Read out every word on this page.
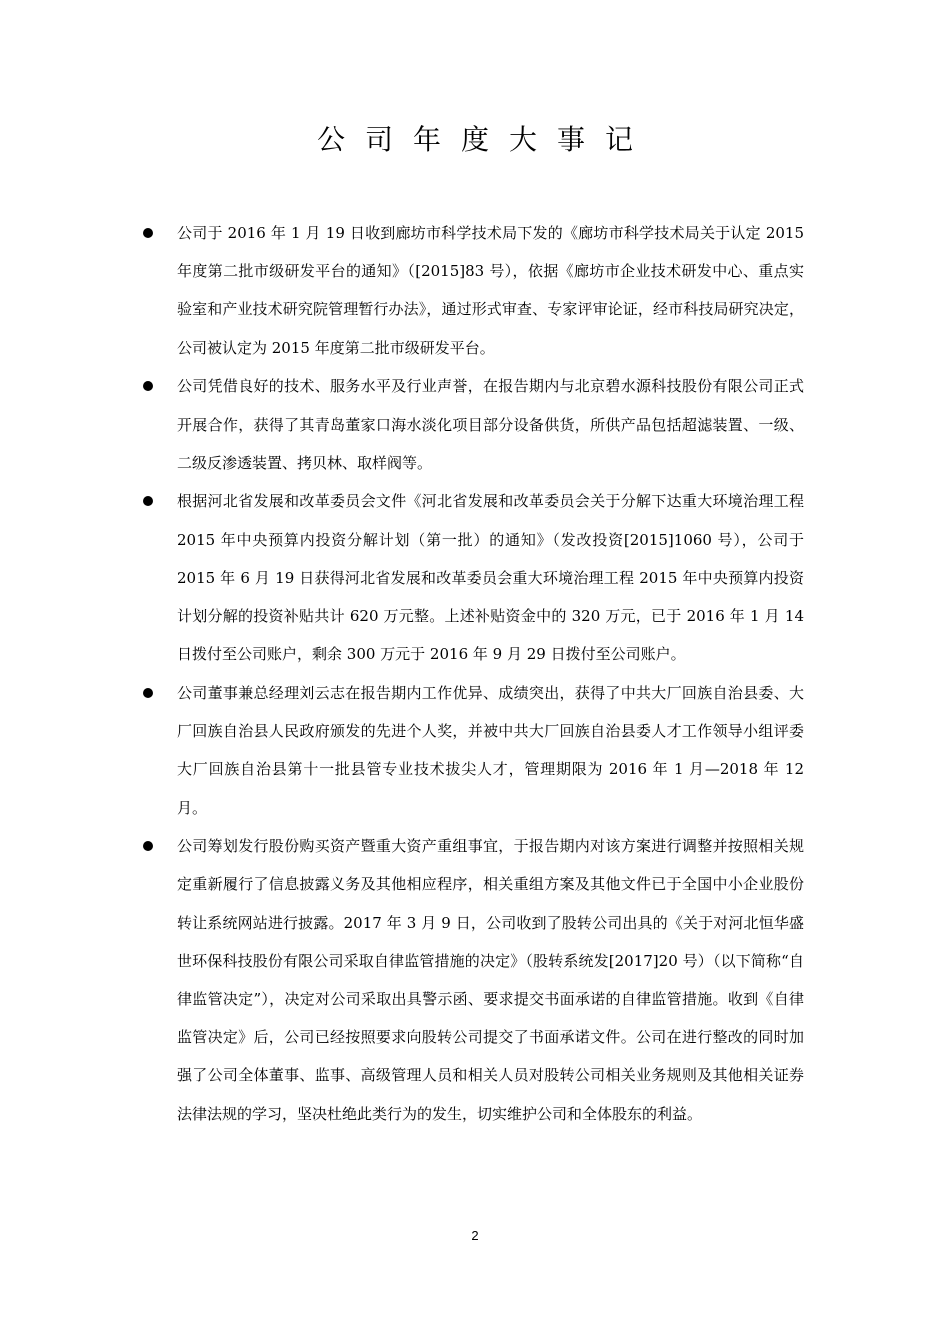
公司年度大事记
公司于 2016 年 1 月 19 日收到廊坊市科学技术局下发的《廊坊市科学技术局关于认定 2015 年度第二批市级研发平台的通知》（[2015]83 号），依据《廊坊市企业技术研发中心、重点实验室和产业技术研究院管理暂行办法》，通过形式审查、专家评审论证，经市科技局研究决定，公司被认定为 2015 年度第二批市级研发平台。
公司凭借良好的技术、服务水平及行业声誉，在报告期内与北京碧水源科技股份有限公司正式开展合作，获得了其青岛董家口海水淡化项目部分设备供货，所供产品包括超滤装置、一级、二级反渗透装置、拷贝林、取样阀等。
根据河北省发展和改革委员会文件《河北省发展和改革委员会关于分解下达重大环境治理工程 2015 年中央预算内投资分解计划（第一批）的通知》（发改投资[2015]1060 号），公司于 2015 年 6 月 19 日获得河北省发展和改革委员会重大环境治理工程 2015 年中央预算内投资计划分解的投资补贴共计 620 万元整。上述补贴资金中的 320 万元，已于 2016 年 1 月 14 日拨付至公司账户，剩余 300 万元于 2016 年 9 月 29 日拨付至公司账户。
公司董事兼总经理刘云志在报告期内工作优异、成绩突出，获得了中共大厂回族自治县委、大厂回族自治县人民政府颁发的先进个人奖，并被中共大厂回族自治县委人才工作领导小组评委大厂回族自治县第十一批县管专业技术拔尖人才，管理期限为 2016 年 1 月—2018 年 12 月。
公司筹划发行股份购买资产暨重大资产重组事宜，于报告期内对该方案进行调整并按照相关规定重新履行了信息披露义务及其他相应程序，相关重组方案及其他文件已于全国中小企业股份转让系统网站进行披露。2017 年 3 月 9 日，公司收到了股转公司出具的《关于对河北恒华盛世环保科技股份有限公司采取自律监管措施的决定》（股转系统发[2017]20 号）（以下简称“自律监管决定”），决定对公司采取出具警示函、要求提交书面承诺的自律监管措施。收到《自律监管决定》后，公司已经按照要求向股转公司提交了书面承诺文件。公司在进行整改的同时加强了公司全体董事、监事、高级管理人员和相关人员对股转公司相关业务规则及其他相关证券法律法规的学习，坚决杜绝此类行为的发生，切实维护公司和全体股东的利益。
2
